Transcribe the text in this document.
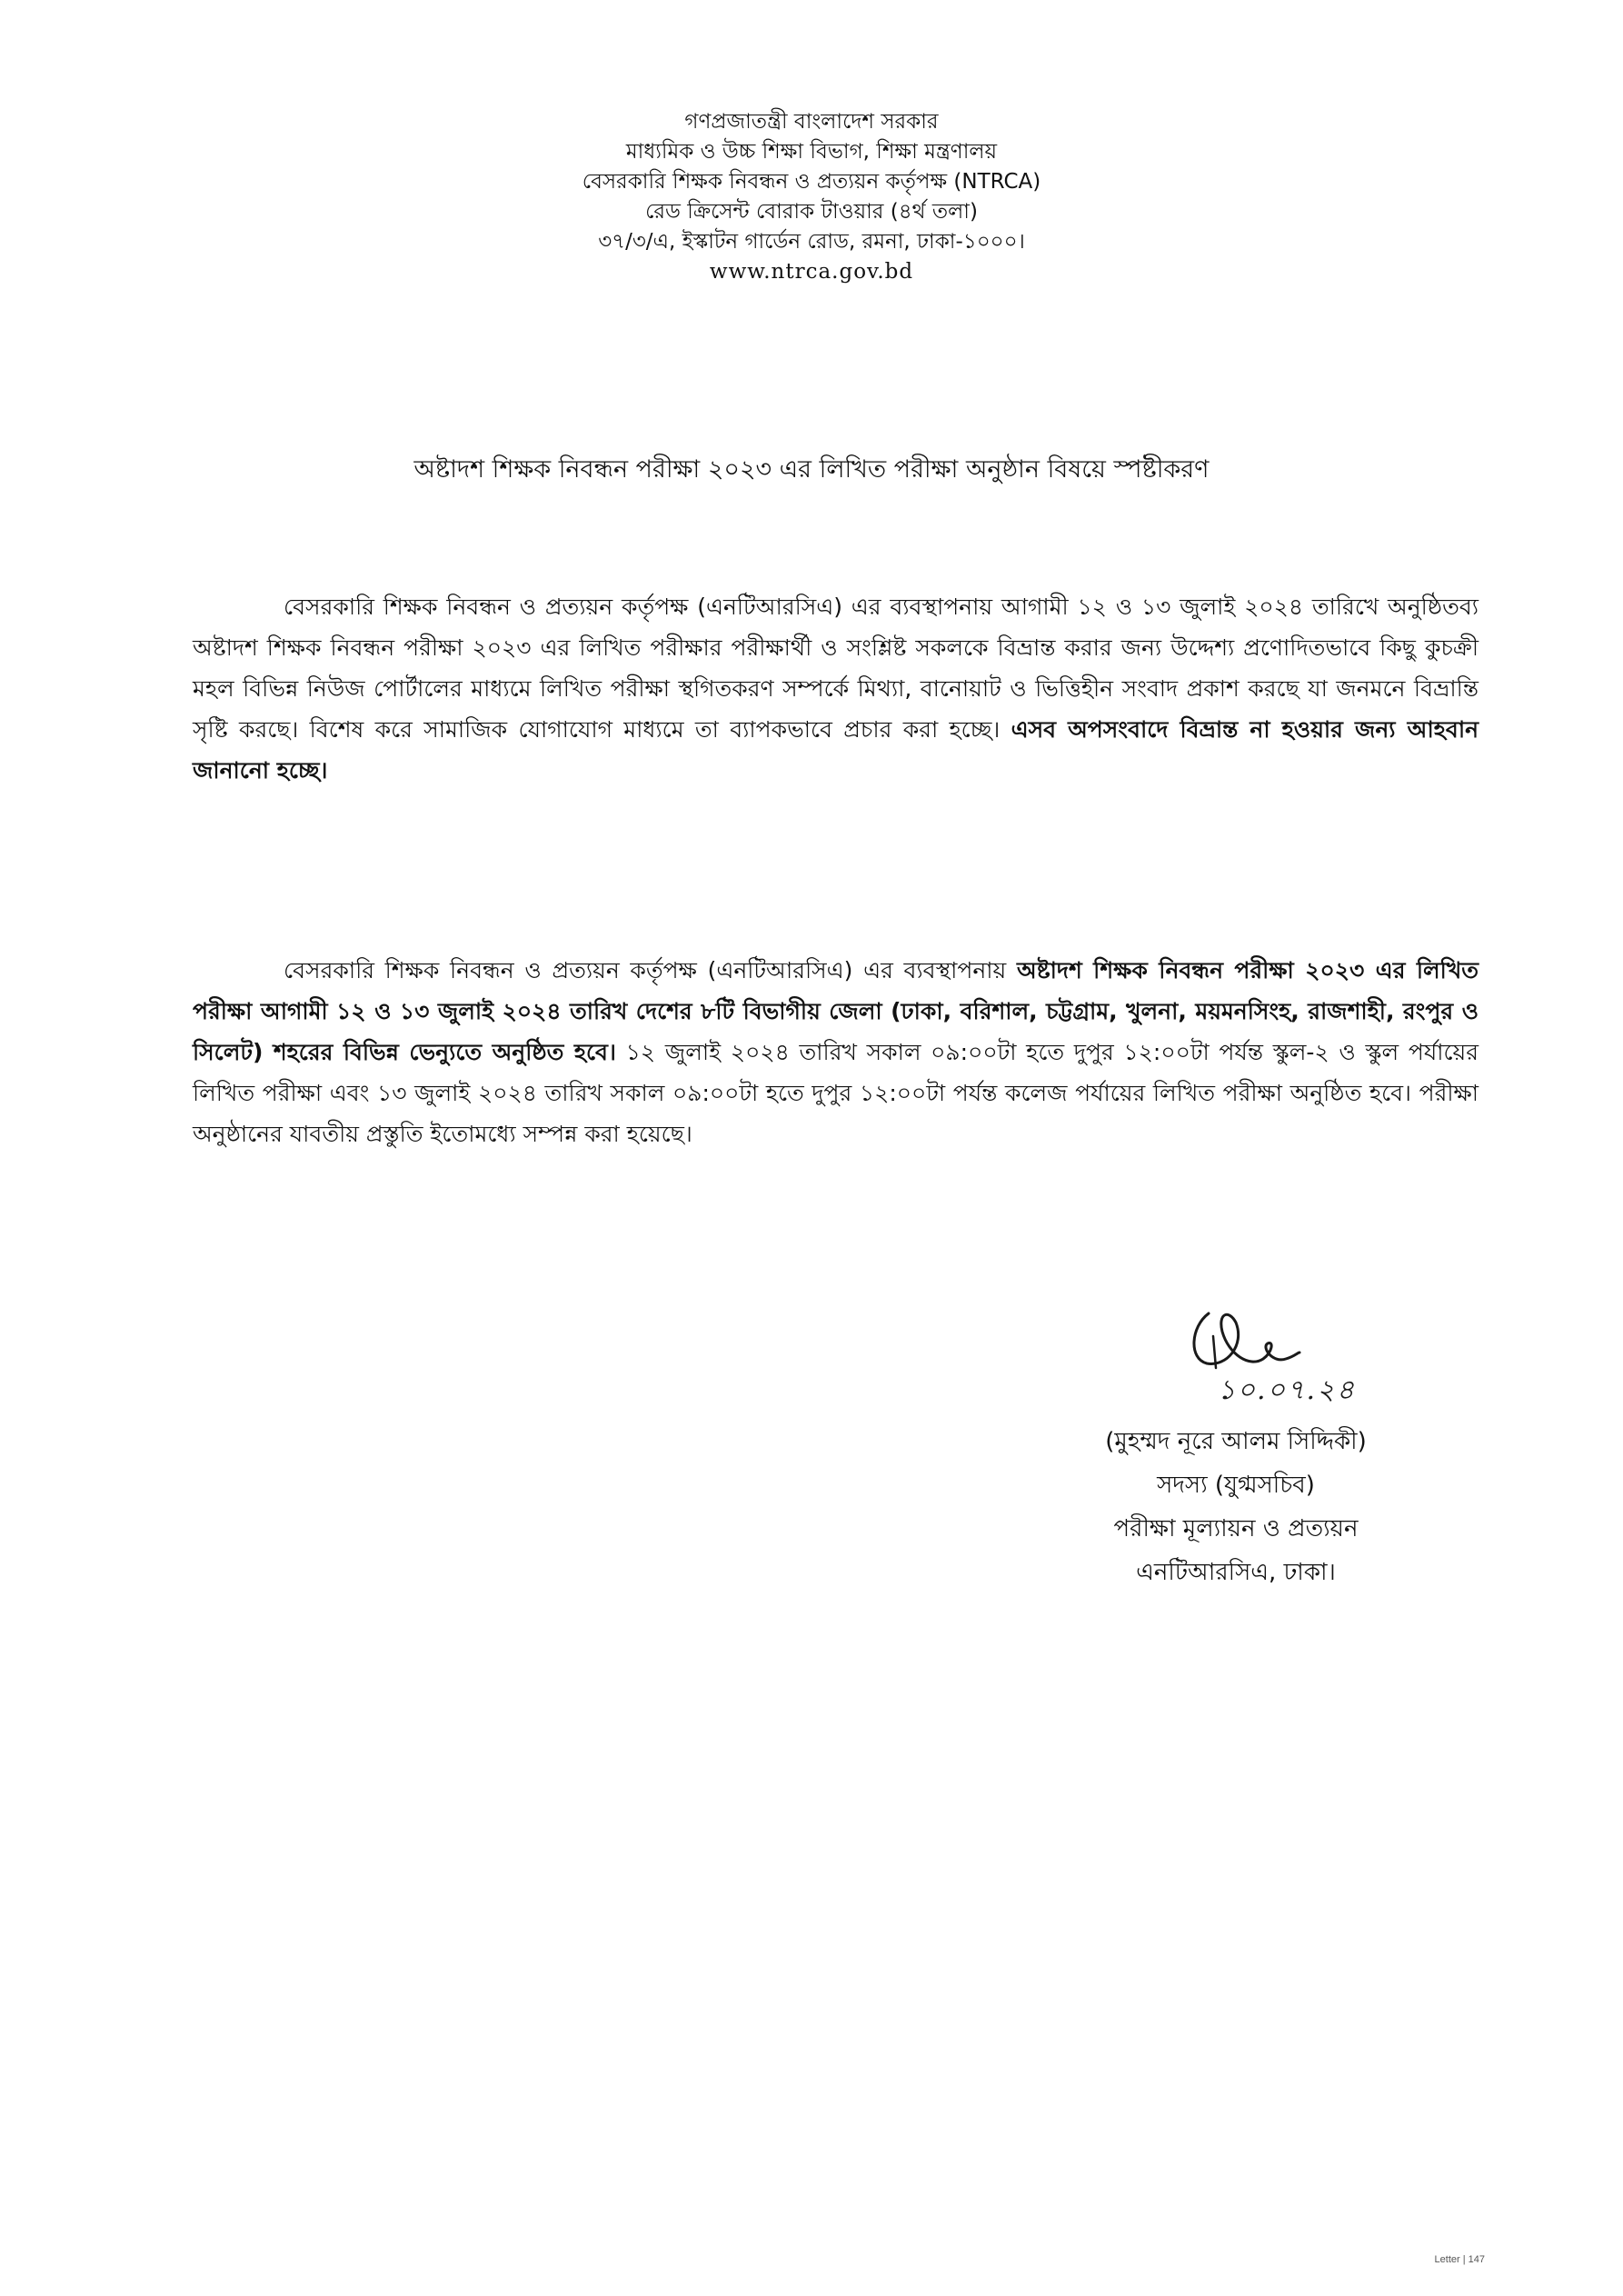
গণপ্রজাতন্ত্রী বাংলাদেশ সরকার
মাধ্যমিক ও উচ্চ শিক্ষা বিভাগ, শিক্ষা মন্ত্রণালয়
বেসরকারি শিক্ষক নিবন্ধন ও প্রত্যয়ন কর্তৃপক্ষ (NTRCA)
রেড ক্রিসেন্ট বোরাক টাওয়ার (৪র্থ তলা)
৩৭/৩/এ, ইস্কাটন গার্ডেন রোড, রমনা, ঢাকা-১০০০।
www.ntrca.gov.bd
অষ্টাদশ শিক্ষক নিবন্ধন পরীক্ষা ২০২৩ এর লিখিত পরীক্ষা অনুষ্ঠান বিষয়ে স্পষ্টীকরণ

বেসরকারি শিক্ষক নিবন্ধন ও প্রত্যয়ন কর্তৃপক্ষ (এনটিআরসিএ) এর ব্যবস্থাপনায় আগামী ১২ ও ১৩ জুলাই ২০২৪ তারিখে অনুষ্ঠিতব্য অষ্টাদশ শিক্ষক নিবন্ধন পরীক্ষা ২০২৩ এর লিখিত পরীক্ষার পরীক্ষার্থী ও সংশ্লিষ্ট সকলকে বিভ্রান্ত করার জন্য উদ্দেশ্য প্রণোদিতভাবে কিছু কুচক্রী মহল বিভিন্ন নিউজ পোর্টালের মাধ্যমে লিখিত পরীক্ষা স্থগিতকরণ সম্পর্কে মিথ্যা, বানোয়াট ও ভিত্তিহীন সংবাদ প্রকাশ করছে যা জনমনে বিভ্রান্তি সৃষ্টি করছে। বিশেষ করে সামাজিক যোগাযোগ মাধ্যমে তা ব্যাপকভাবে প্রচার করা হচ্ছে। এসব অপসংবাদে বিভ্রান্ত না হওয়ার জন্য আহবান জানানো হচ্ছে।

বেসরকারি শিক্ষক নিবন্ধন ও প্রত্যয়ন কর্তৃপক্ষ (এনটিআরসিএ) এর ব্যবস্থাপনায় অষ্টাদশ শিক্ষক নিবন্ধন পরীক্ষা ২০২৩ এর লিখিত পরীক্ষা আগামী ১২ ও ১৩ জুলাই ২০২৪ তারিখ দেশের ৮টি বিভাগীয় জেলা (ঢাকা, বরিশাল, চট্টগ্রাম, খুলনা, ময়মনসিংহ, রাজশাহী, রংপুর ও সিলেট) শহরের বিভিন্ন ভেন্যুতে অনুষ্ঠিত হবে। ১২ জুলাই ২০২৪ তারিখ সকাল ০৯:০০টা হতে দুপুর ১২:০০টা পর্যন্ত স্কুল-২ ও স্কুল পর্যায়ের লিখিত পরীক্ষা এবং ১৩ জুলাই ২০২৪ তারিখ সকাল ০৯:০০টা হতে দুপুর ১২:০০টা পর্যন্ত কলেজ পর্যায়ের লিখিত পরীক্ষা অনুষ্ঠিত হবে। পরীক্ষা অনুষ্ঠানের যাবতীয় প্রস্তুতি ইতোমধ্যে সম্পন্ন করা হয়েছে।

১০.০৭.২৪
(মুহম্মদ নূরে আলম সিদ্দিকী)
সদস্য (যুগ্মসচিব)
পরীক্ষা মূল্যায়ন ও প্রত্যয়ন
এনটিআরসিএ, ঢাকা।
Letter | 147
